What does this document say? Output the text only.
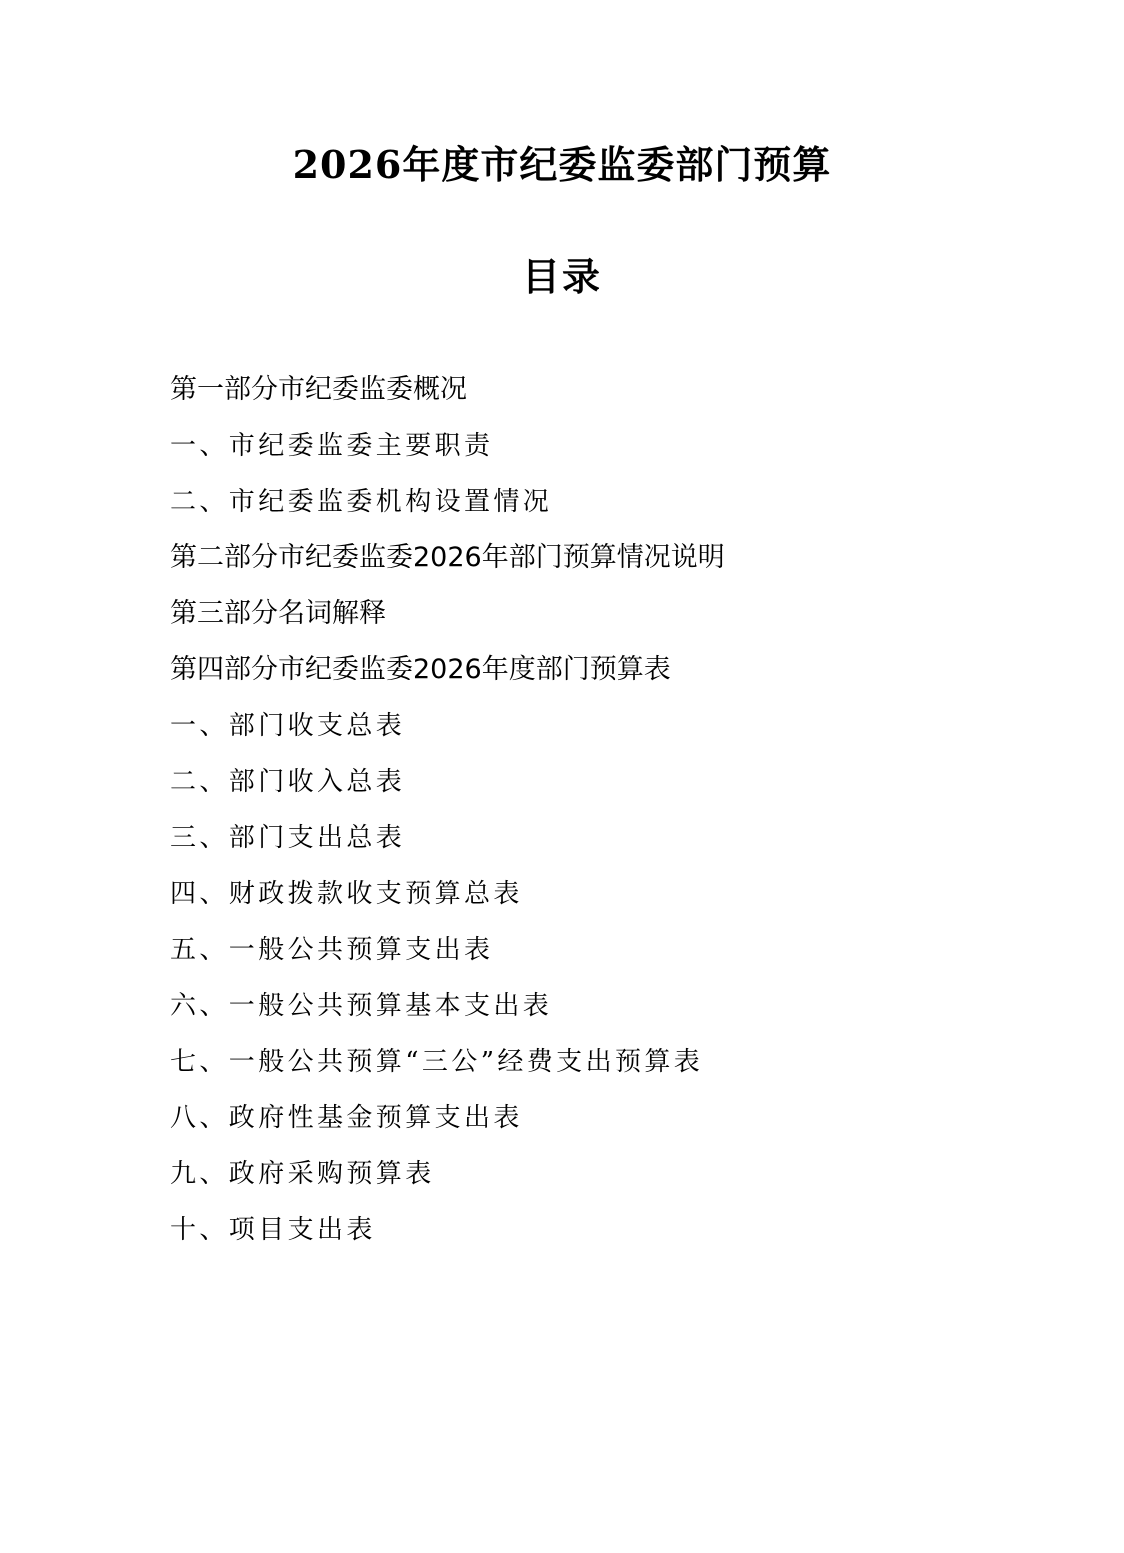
2026年度市纪委监委部门预算
目录
第一部分市纪委监委概况
一、市纪委监委主要职责
二、市纪委监委机构设置情况
第二部分市纪委监委2026年部门预算情况说明
第三部分名词解释
第四部分市纪委监委2026年度部门预算表
一、部门收支总表
二、部门收入总表
三、部门支出总表
四、财政拨款收支预算总表
五、一般公共预算支出表
六、一般公共预算基本支出表
七、一般公共预算“三公”经费支出预算表
八、政府性基金预算支出表
九、政府采购预算表
十、项目支出表
